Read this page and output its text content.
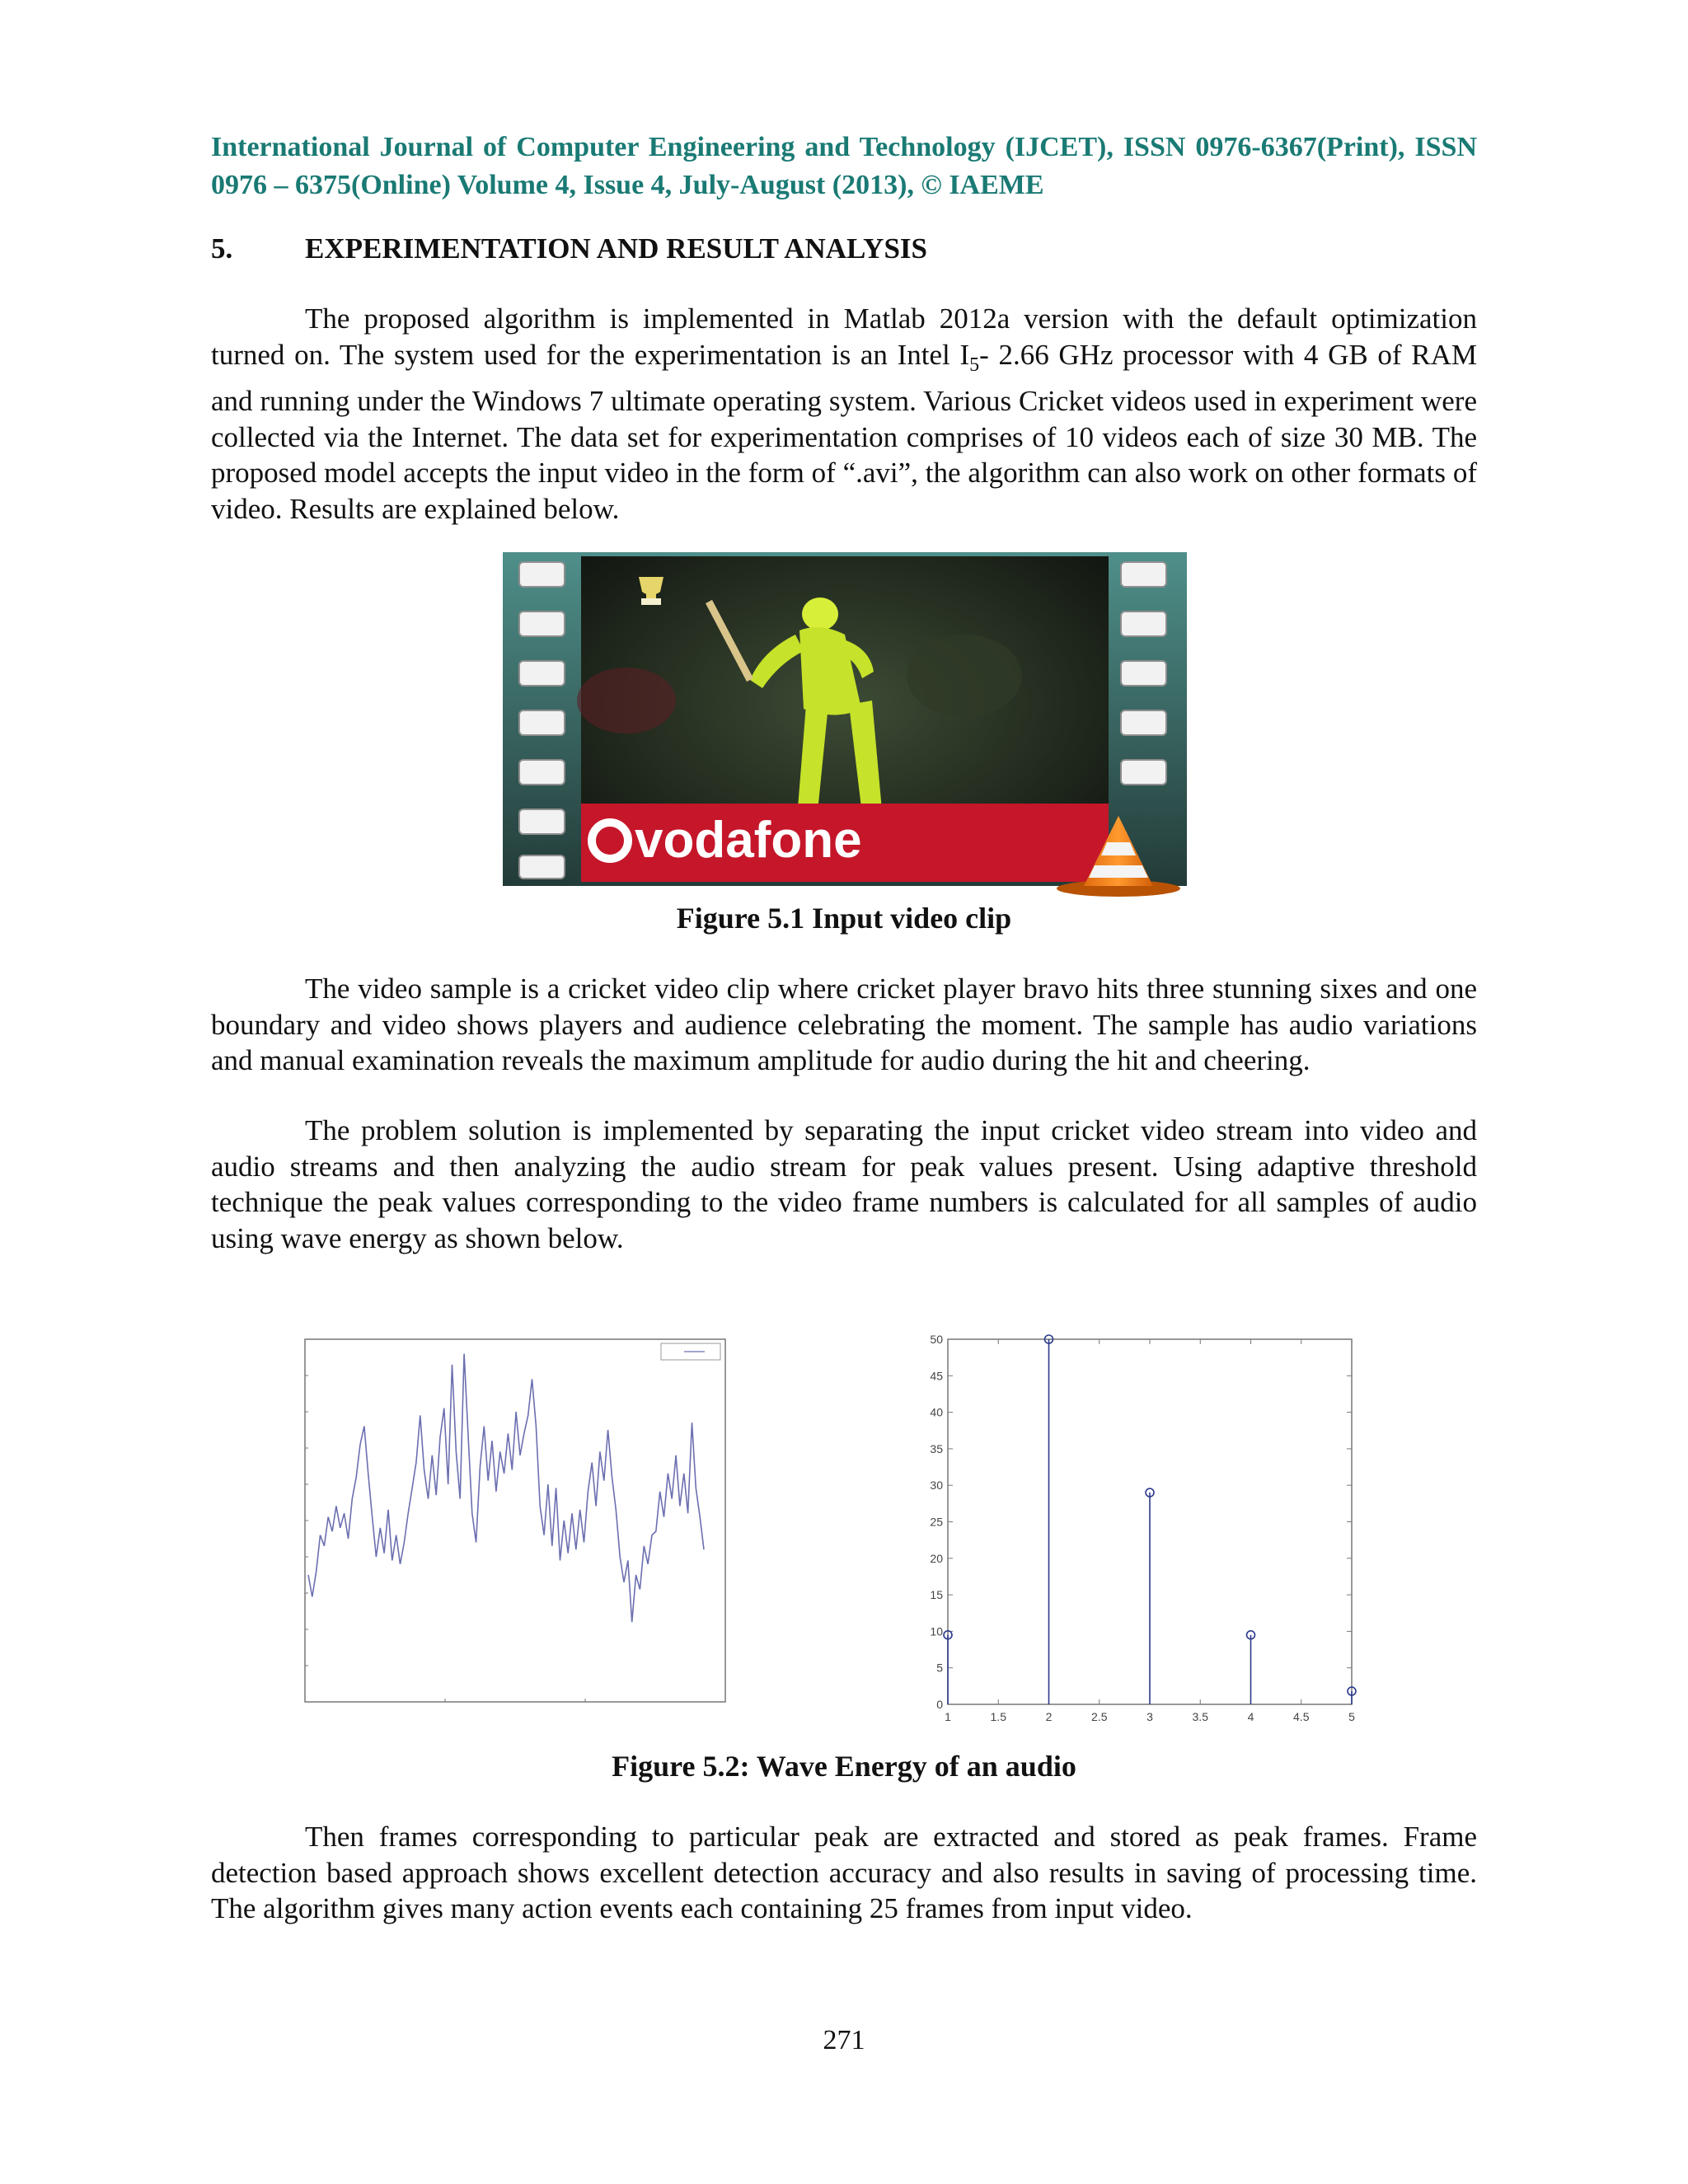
International Journal of Computer Engineering and Technology (IJCET), ISSN 0976-6367(Print), ISSN 0976 – 6375(Online) Volume 4, Issue 4, July-August (2013), © IAEME
5.	EXPERIMENTATION AND RESULT ANALYSIS

The proposed algorithm is implemented in Matlab 2012a version with the default optimization turned on. The system used for the experimentation is an Intel $I_5-$ 2.66 GHz processor with 4 GB of RAM and running under the Windows 7 ultimate operating system. Various Cricket videos used in experiment were collected via the Internet. The data set for experimentation comprises of 10 videos each of size 30 MB. The proposed model accepts the input video in the form of “.avi”, the algorithm can also work on other formats of video. Results are explained below.

vodafone
Figure 5.1 Input video clip

The video sample is a cricket video clip where cricket player bravo hits three stunning sixes and one boundary and video shows players and audience celebrating the moment. The sample has audio variations and manual examination reveals the maximum amplitude for audio during the hit and cheering.

The problem solution is implemented by separating the input cricket video stream into video and audio streams and then analyzing the audio stream for peak values present. Using adaptive threshold technique the peak values corresponding to the video frame numbers is calculated for all samples of audio using wave energy as shown below.

0
5
10
15
20
25
30
35
40
45
50
1	1.5	2	2.5	3	3.5	4	4.5	5
Figure 5.2: Wave Energy of an audio

Then frames corresponding to particular peak are extracted and stored as peak frames. Frame detection based approach shows excellent detection accuracy and also results in saving of processing time. The algorithm gives many action events each containing 25 frames from input video.

271
